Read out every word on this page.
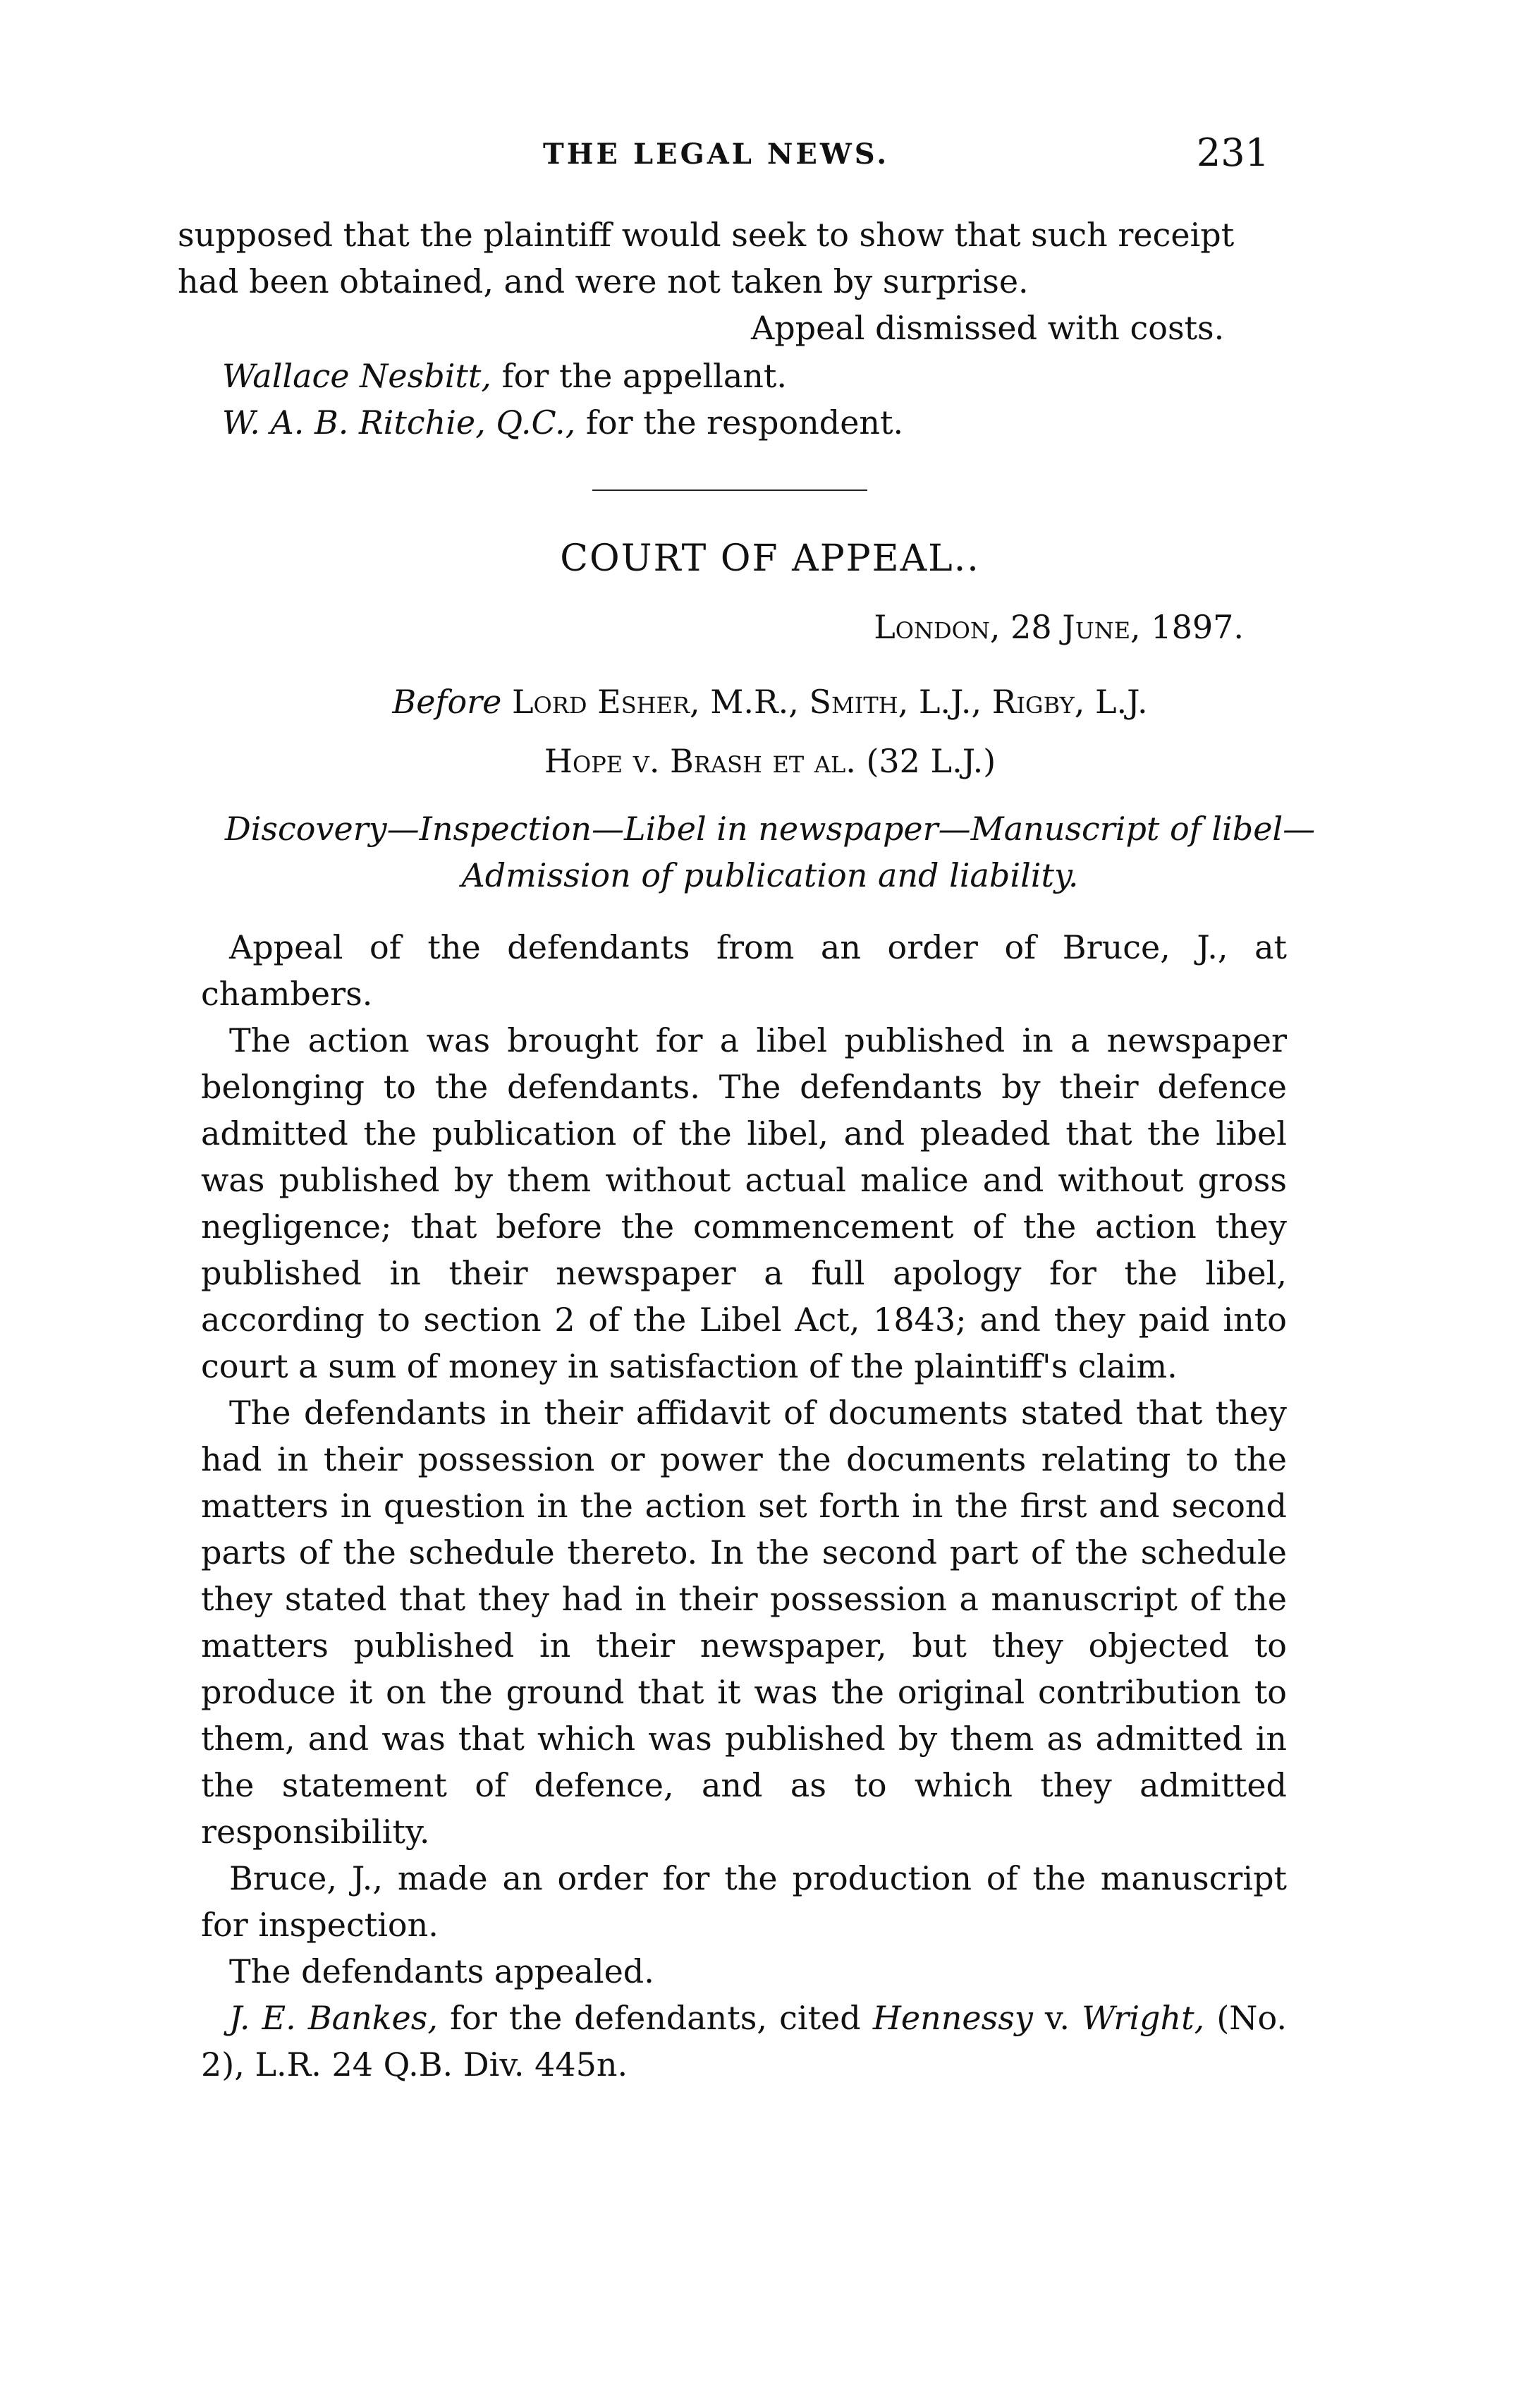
THE LEGAL NEWS.	231
supposed that the plaintiff would seek to show that such receipt
had been obtained, and were not taken by surprise.
Appeal dismissed with costs.
Wallace Nesbitt, for the appellant.
W. A. B. Ritchie, Q.C., for the respondent.
COURT OF APPEAL..
London, 28 June, 1897.
Before Lord Esher, M.R., Smith, L.J., Rigby, L.J.
Hope v. Brash et al. (32 L.J.)
Discovery—Inspection—Libel in newspaper—Manuscript of libel—
Admission of publication and liability.
Appeal of the defendants from an order of Bruce, J., at chambers.
The action was brought for a libel published in a newspaper belonging to the defendants. The defendants by their defence admitted the publication of the libel, and pleaded that the libel was published by them without actual malice and without gross negligence; that before the commencement of the action they published in their newspaper a full apology for the libel, according to section 2 of the Libel Act, 1843; and they paid into court a sum of money in satisfaction of the plaintiff's claim.
The defendants in their affidavit of documents stated that they had in their possession or power the documents relating to the matters in question in the action set forth in the first and second parts of the schedule thereto. In the second part of the schedule they stated that they had in their possession a manuscript of the matters published in their newspaper, but they objected to produce it on the ground that it was the original contribution to them, and was that which was published by them as admitted in the statement of defence, and as to which they admitted responsibility.
Bruce, J., made an order for the production of the manuscript for inspection.
The defendants appealed.
J. E. Bankes, for the defendants, cited Hennessy v. Wright, (No. 2), L.R. 24 Q.B. Div. 445n.
